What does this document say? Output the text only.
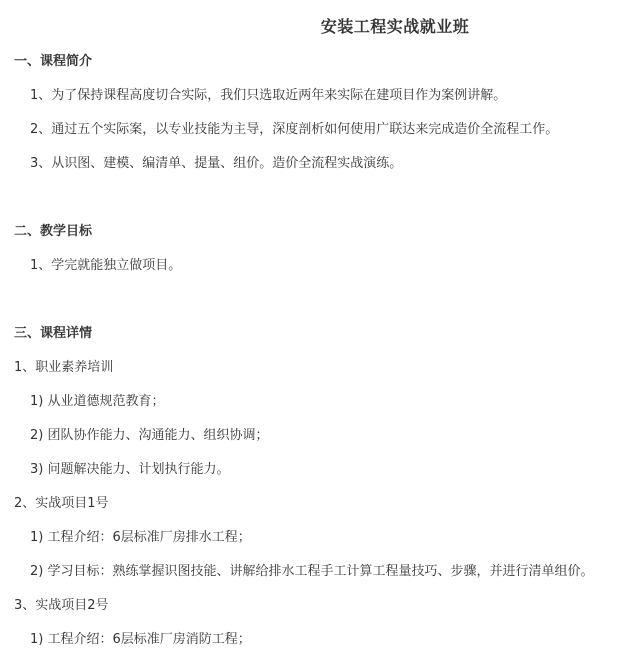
安装工程实战就业班
一、课程简介
1、为了保持课程高度切合实际，我们只选取近两年来实际在建项目作为案例讲解。
2、通过五个实际案，以专业技能为主导，深度剖析如何使用广联达来完成造价全流程工作。
3、从识图、建模、编清单、提量、组价。造价全流程实战演练。
二、教学目标
1、学完就能独立做项目。
三、课程详情
1、职业素养培训
1) 从业道德规范教育；
2) 团队协作能力、沟通能力、组织协调；
3) 问题解决能力、计划执行能力。
2、实战项目1号
1) 工程介绍：6层标准厂房排水工程；
2) 学习目标：熟练掌握识图技能、讲解给排水工程手工计算工程量技巧、步骤，并进行清单组价。
3、实战项目2号
1) 工程介绍：6层标准厂房消防工程；
